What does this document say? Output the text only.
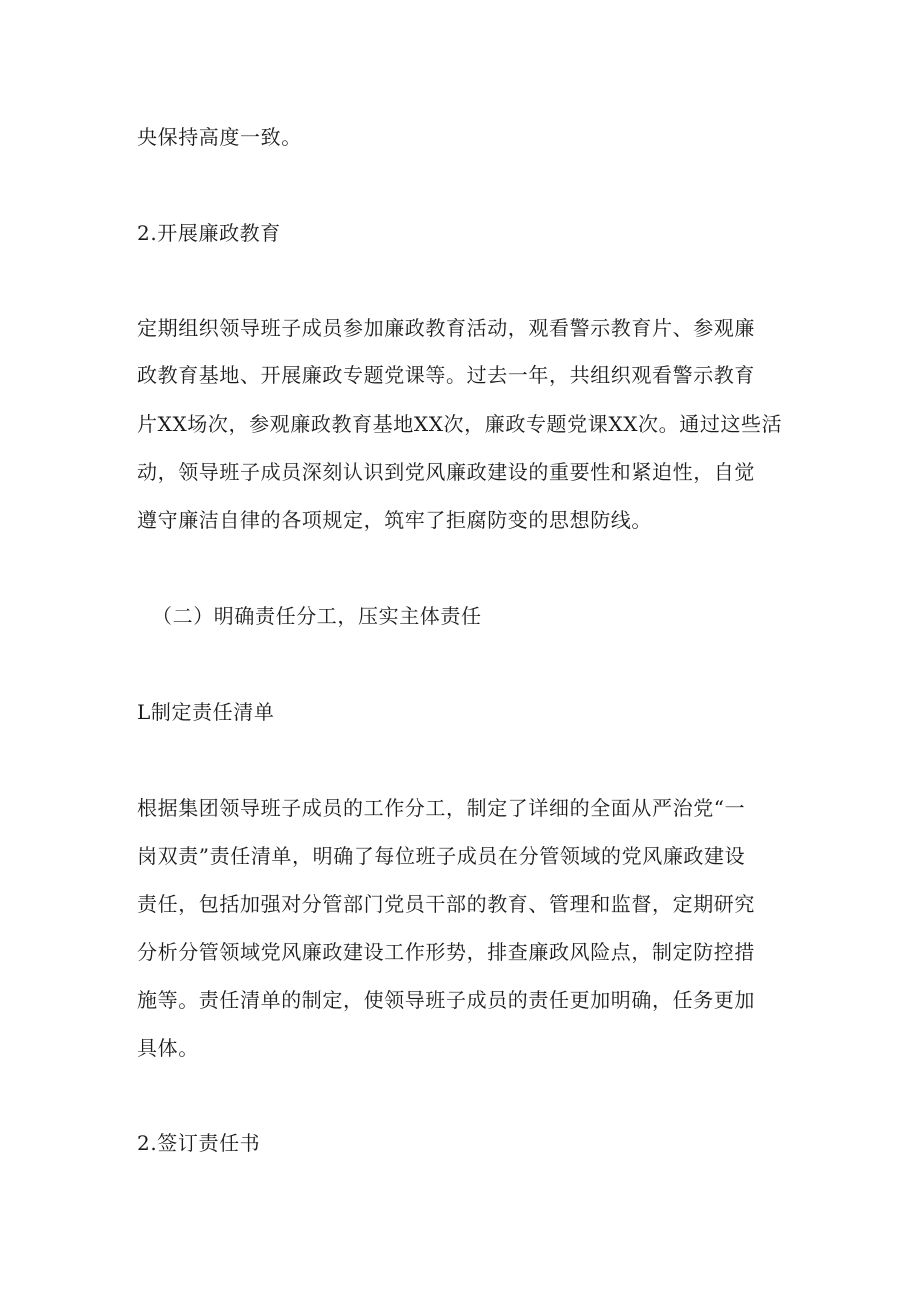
央保持高度一致。
2.开展廉政教育
定期组织领导班子成员参加廉政教育活动，观看警示教育片、参观廉
政教育基地、开展廉政专题党课等。过去一年，共组织观看警示教育
片XX场次，参观廉政教育基地XX次，廉政专题党课XX次。通过这些活
动，领导班子成员深刻认识到党风廉政建设的重要性和紧迫性，自觉
遵守廉洁自律的各项规定，筑牢了拒腐防变的思想防线。
（二）明确责任分工，压实主体责任
L制定责任清单
根据集团领导班子成员的工作分工，制定了详细的全面从严治党“一
岗双责”责任清单，明确了每位班子成员在分管领域的党风廉政建设
责任，包括加强对分管部门党员干部的教育、管理和监督，定期研究
分析分管领域党风廉政建设工作形势，排查廉政风险点，制定防控措
施等。责任清单的制定，使领导班子成员的责任更加明确，任务更加
具体。
2.签订责任书
